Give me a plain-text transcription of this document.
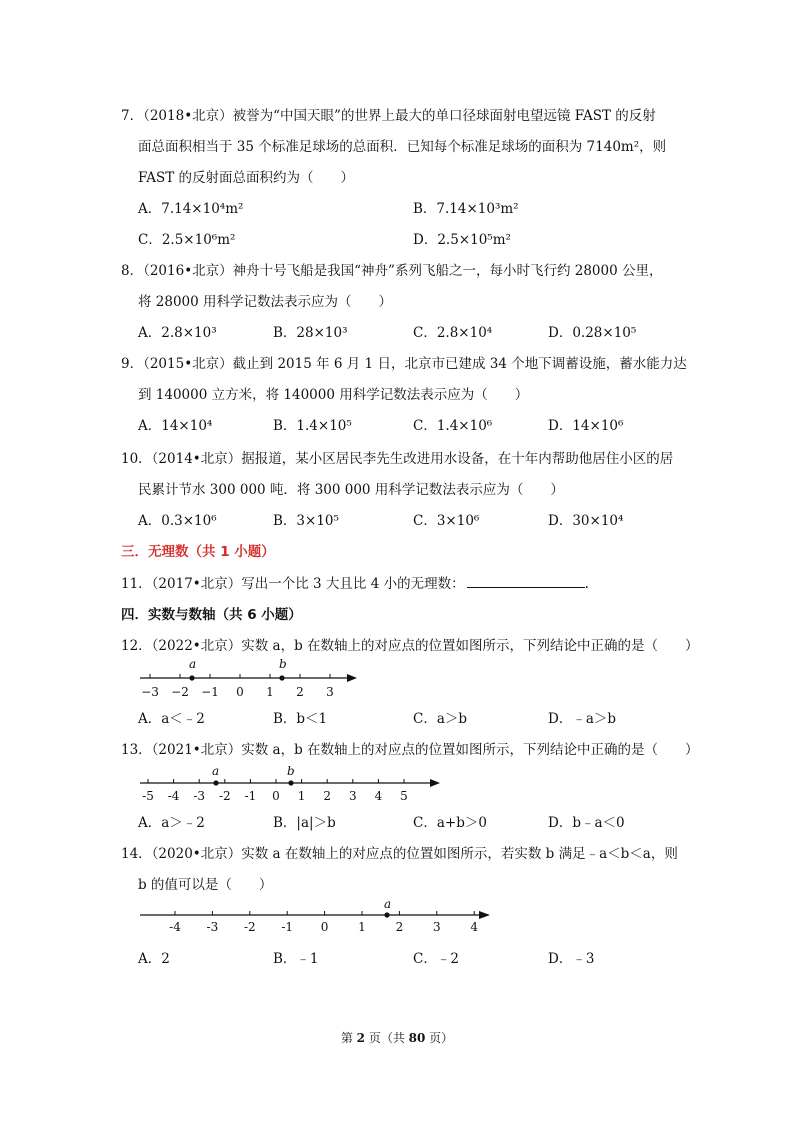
7．（2018•北京）被誉为“中国天眼”的世界上最大的单口径球面射电望远镜 FAST 的反射
面总面积相当于 35 个标准足球场的总面积．已知每个标准足球场的面积为 7140m²，则
FAST 的反射面总面积约为（　　）
A．7.14×10⁴m²	B．7.14×10³m²
C．2.5×10⁶m²	D．2.5×10⁵m²
8．（2016•北京）神舟十号飞船是我国“神舟”系列飞船之一，每小时飞行约 28000 公里，
将 28000 用科学记数法表示应为（　　）
A．2.8×10³	B．28×10³	C．2.8×10⁴	D．0.28×10⁵
9．（2015•北京）截止到 2015 年 6 月 1 日，北京市已建成 34 个地下调蓄设施，蓄水能力达
到 140000 立方米，将 140000 用科学记数法表示应为（　　）
A．14×10⁴	B．1.4×10⁵	C．1.4×10⁶	D．14×10⁶
10．（2014•北京）据报道，某小区居民李先生改进用水设备，在十年内帮助他居住小区的居
民累计节水 300 000 吨．将 300 000 用科学记数法表示应为（　　）
A．0.3×10⁶	B．3×10⁵	C．3×10⁶	D．30×10⁴
三．无理数（共 1 小题）
11．（2017•北京）写出一个比 3 大且比 4 小的无理数：	.
四．实数与数轴（共 6 小题）
12．（2022•北京）实数 a，b 在数轴上的对应点的位置如图所示，下列结论中正确的是（　　）
−3 −2 −1 0 1 2 3
a	b
A．a＜﹣2	B．b＜1	C．a＞b	D．﹣a＞b
13．（2021•北京）实数 a，b 在数轴上的对应点的位置如图所示，下列结论中正确的是（　　）
-5 -4 -3 -2 -1 0 1 2 3 4 5
a	b
A．a＞﹣2	B．|a|＞b	C．a+b＞0	D．b﹣a＜0
14．（2020•北京）实数 a 在数轴上的对应点的位置如图所示，若实数 b 满足﹣a＜b＜a，则
b 的值可以是（　　）
-4 -3 -2 -1 0 1 2 3 4
a
A．2	B．﹣1	C．﹣2	D．﹣3
第 2 页（共 80 页）
